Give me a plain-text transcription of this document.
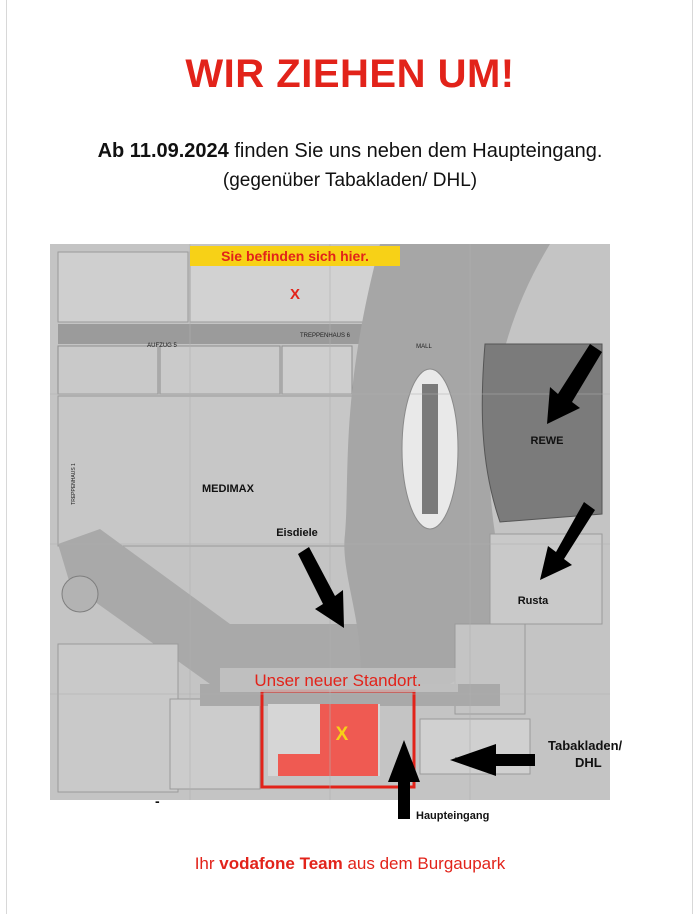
WIR ZIEHEN UM!
Ab 11.09.2024 finden Sie uns neben dem Haupteingang.
(gegenüber Tabakladen/ DHL)
Sie befinden sich hier.
X
TREPPENHAUS 6
AUFZUG 5	MALL
MEDIMAX
REWE
Eisdiele
Rusta
TREPPENHAUS 1
Unser neuer Standort.
X
-
Tabakladen/
DHL
Haupteingang
Ihr vodafone Team aus dem Burgaupark
